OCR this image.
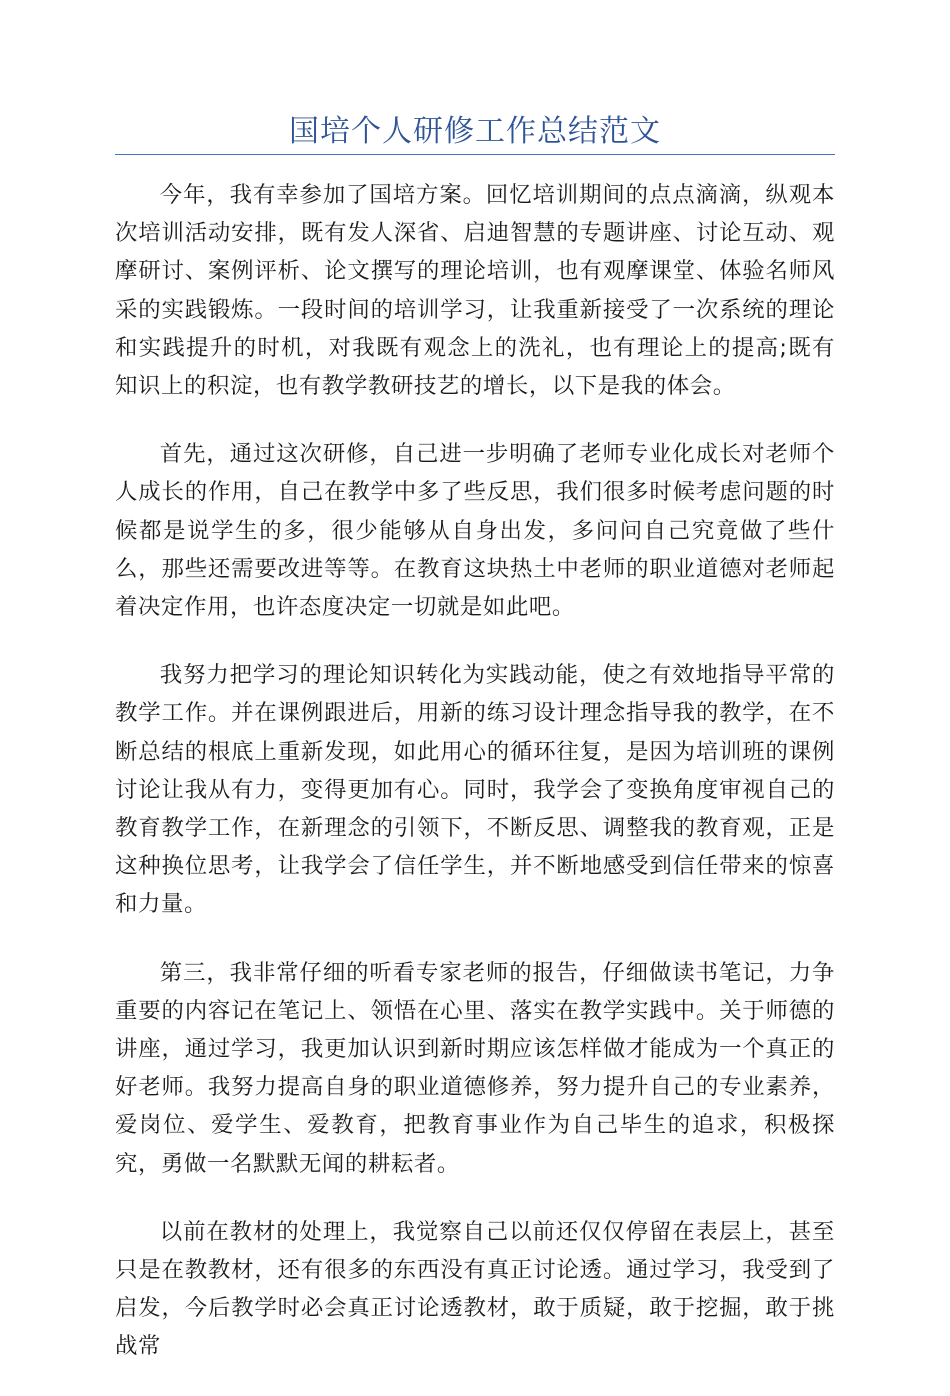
国培个人研修工作总结范文

今年，我有幸参加了国培方案。回忆培训期间的点点滴滴，纵观本次培训活动安排，既有发人深省、启迪智慧的专题讲座、讨论互动、观摩研讨、案例评析、论文撰写的理论培训，也有观摩课堂、体验名师风采的实践锻炼。一段时间的培训学习，让我重新接受了一次系统的理论和实践提升的时机，对我既有观念上的洗礼，也有理论上的提高;既有知识上的积淀，也有教学教研技艺的增长，以下是我的体会。

首先，通过这次研修，自己进一步明确了老师专业化成长对老师个人成长的作用，自己在教学中多了些反思，我们很多时候考虑问题的时候都是说学生的多，很少能够从自身出发，多问问自己究竟做了些什么，那些还需要改进等等。在教育这块热土中老师的职业道德对老师起着决定作用，也许态度决定一切就是如此吧。

我努力把学习的理论知识转化为实践动能，使之有效地指导平常的教学工作。并在课例跟进后，用新的练习设计理念指导我的教学，在不断总结的根底上重新发现，如此用心的循环往复，是因为培训班的课例讨论让我从有力，变得更加有心。同时，我学会了变换角度审视自己的教育教学工作，在新理念的引领下，不断反思、调整我的教育观，正是这种换位思考，让我学会了信任学生，并不断地感受到信任带来的惊喜和力量。

第三，我非常仔细的听看专家老师的报告，仔细做读书笔记，力争重要的内容记在笔记上、领悟在心里、落实在教学实践中。关于师德的讲座，通过学习，我更加认识到新时期应该怎样做才能成为一个真正的好老师。我努力提高自身的职业道德修养，努力提升自己的专业素养，爱岗位、爱学生、爱教育，把教育事业作为自己毕生的追求，积极探究，勇做一名默默无闻的耕耘者。

以前在教材的处理上，我觉察自己以前还仅仅停留在表层上，甚至只是在教教材，还有很多的东西没有真正讨论透。通过学习，我受到了启发，今后教学时必会真正讨论透教材，敢于质疑，敢于挖掘，敢于挑战常
